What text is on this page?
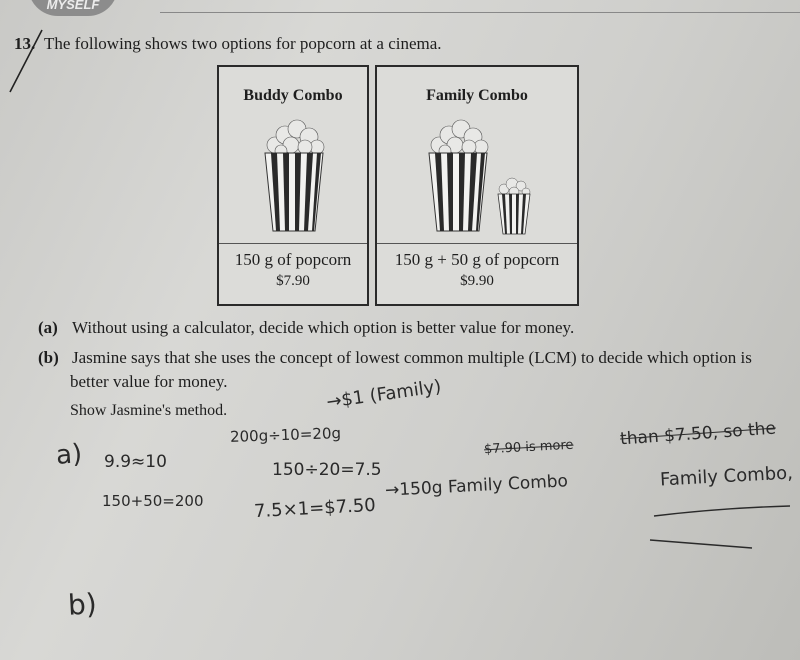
MYSELF
13. The following shows two options for popcorn at a cinema.
Buddy Combo
150 g of popcorn
$7.90
Family Combo
150 g + 50 g of popcorn
$9.90
(a) Without using a calculator, decide which option is better value for money.
(b) Jasmine says that she uses the concept of lowest common multiple (LCM) to decide which option is
better value for money.
Show Jasmine's method.
a) 9.9≈10
150+50=200
200g÷10=20g
→$1 (Family)
150÷20=7.5
7.5×1=$7.50
→150g Family Combo
$7.90 is more	than $7.50, so the
Family Combo,
b)
